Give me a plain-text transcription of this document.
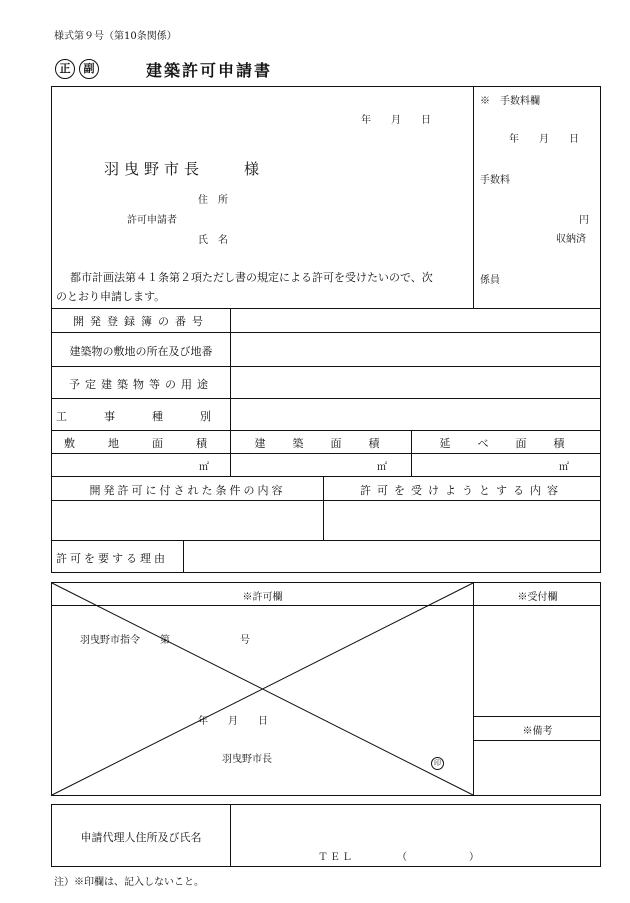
様式第９号（第10条関係）
正	副	建築許可申請書
年　　月　　日
羽曳野市長　　様
住　所
許可申請者
氏　名
都市計画法第４１条第２項ただし書の規定による許可を受けたいので、次
のとおり申請します。
※　手数料欄
年　　月　　日
手数料
円
収納済
係員
開発登録簿の番号
建築物の敷地の所在及び地番
予定建築物等の用途
工　事　種　別
敷　地　面　積	建　築　面　積	延　べ　面　積
㎡	㎡	㎡
開発許可に付された条件の内容	許可を受けようとする内容
許可を要する理由
※許可欄
羽曳野市指令　　第　　　　　　　号
年　　月　　日
羽曳野市長	印
※受付欄
※備考
申請代理人住所及び氏名
ＴＥＬ　　　　（　　　　　）
注）※印欄は、記入しないこと。
